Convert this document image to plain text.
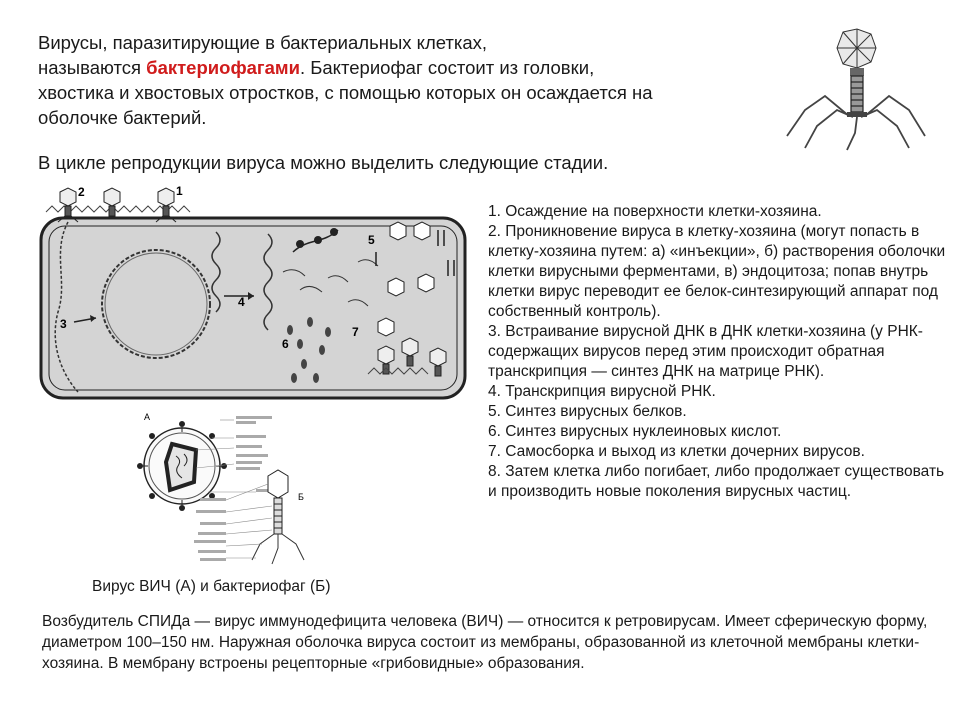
Вирусы, паразитирующие в бактериальных клетках,
называются бактериофагами. Бактериофаг состоит из головки,
хвостика и хвостовых отростков, с помощью которых он осаждается на
оболочке бактерий.
В цикле репродукции вируса можно выделить следующие стадии.
2	1
3
4
5
6
7

1. Осаждение на поверхности клетки-хозяина.

2. Проникновение вируса в клетку-хозяина (могут попасть в клетку-хозяина путем: а) «инъекции», б) растворения оболочки клетки вирусными ферментами, в) эндоцитоза; попав внутрь клетки вирус переводит ее белок-синтезирующий аппарат под собственный контроль).

3. Встраивание вирусной ДНК в ДНК клетки-хозяина (у РНК-содержащих вирусов перед этим происходит обратная транскрипция — синтез ДНК на матрице РНК).

4. Транскрипция вирусной РНК.

5. Синтез вирусных белков.

6. Синтез вирусных нуклеиновых кислот.

7. Самосборка и выход из клетки дочерних вирусов.

8. Затем клетка либо погибает, либо продолжает существовать и производить новые поколения вирусных частиц.

А
Б
Вирус ВИЧ (А) и бактериофаг (Б)
Возбудитель СПИДа — вирус иммунодефицита человека (ВИЧ) — относится к ретровирусам. Имеет сферическую форму, диаметром 100–150 нм. Наружная оболочка вируса состоит из мембраны, образованной из клеточной мембраны клетки-хозяина. В мембрану встроены рецепторные «грибовидные» образования.
